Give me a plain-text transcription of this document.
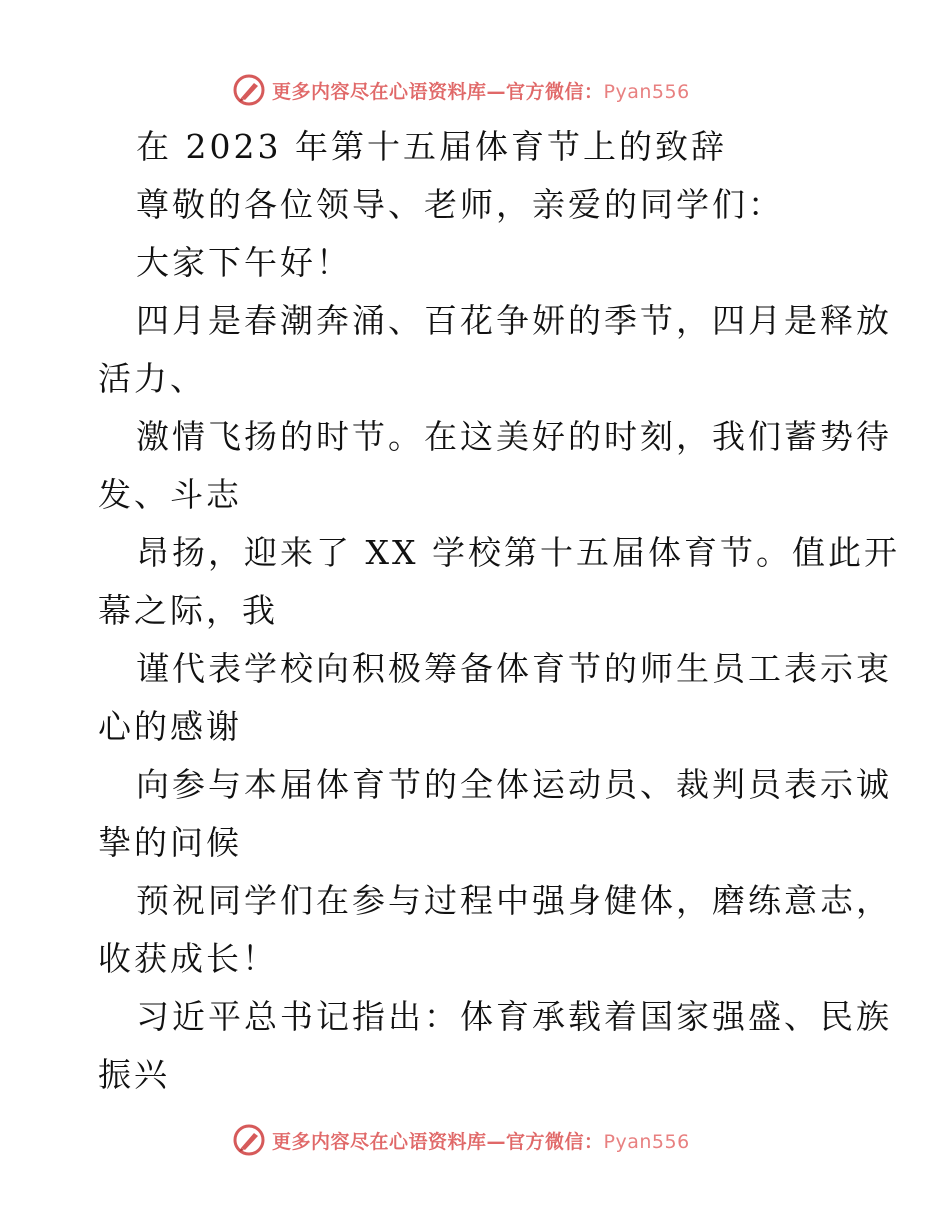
更多内容尽在心语资料库—官方微信：Pyan556
在 2023 年第十五届体育节上的致辞
尊敬的各位领导、老师，亲爱的同学们：
大家下午好！
四月是春潮奔涌、百花争妍的季节，四月是释放
活力、
激情飞扬的时节。在这美好的时刻，我们蓄势待
发、斗志
昂扬，迎来了 XX 学校第十五届体育节。值此开
幕之际，我
谨代表学校向积极筹备体育节的师生员工表示衷
心的感谢
向参与本届体育节的全体运动员、裁判员表示诚
挚的问候
预祝同学们在参与过程中强身健体，磨练意志，
收获成长！
习近平总书记指出：体育承载着国家强盛、民族
振兴
更多内容尽在心语资料库—官方微信：Pyan556
